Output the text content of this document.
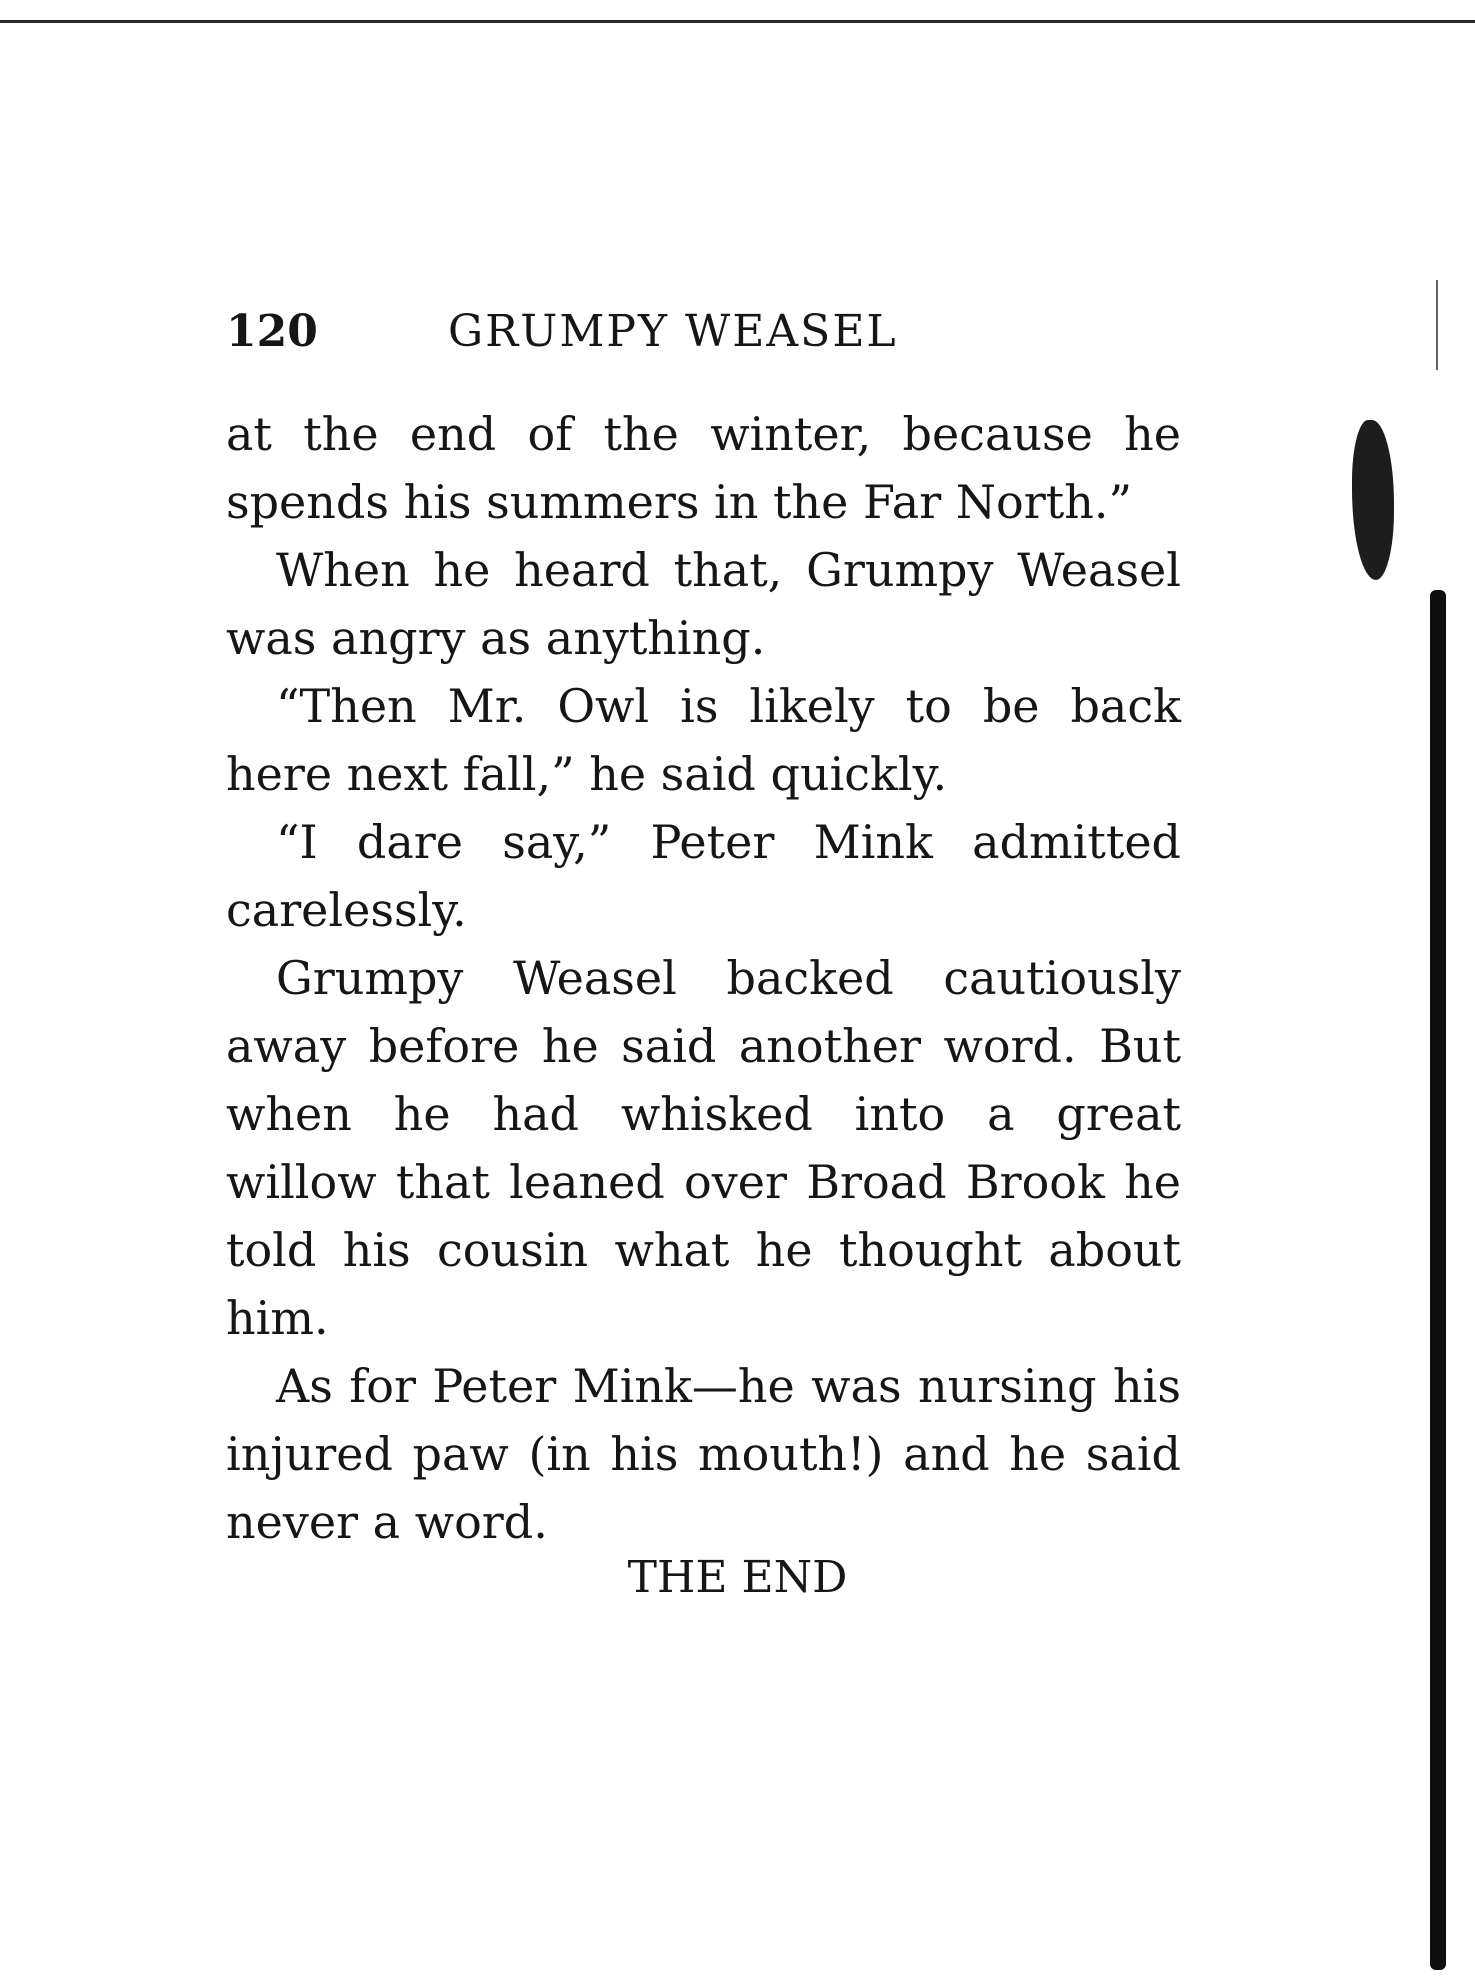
120	GRUMPY WEASEL

at the end of the winter, because he spends his summers in the Far North.”

When he heard that, Grumpy Weasel was angry as anything.

“Then Mr. Owl is likely to be back here next fall,” he said quickly.

“I dare say,” Peter Mink admitted carelessly.

Grumpy Weasel backed cautiously away before he said another word. But when he had whisked into a great willow that leaned over Broad Brook he told his cousin what he thought about him.

As for Peter Mink—he was nursing his injured paw (in his mouth!) and he said never a word.

THE END
